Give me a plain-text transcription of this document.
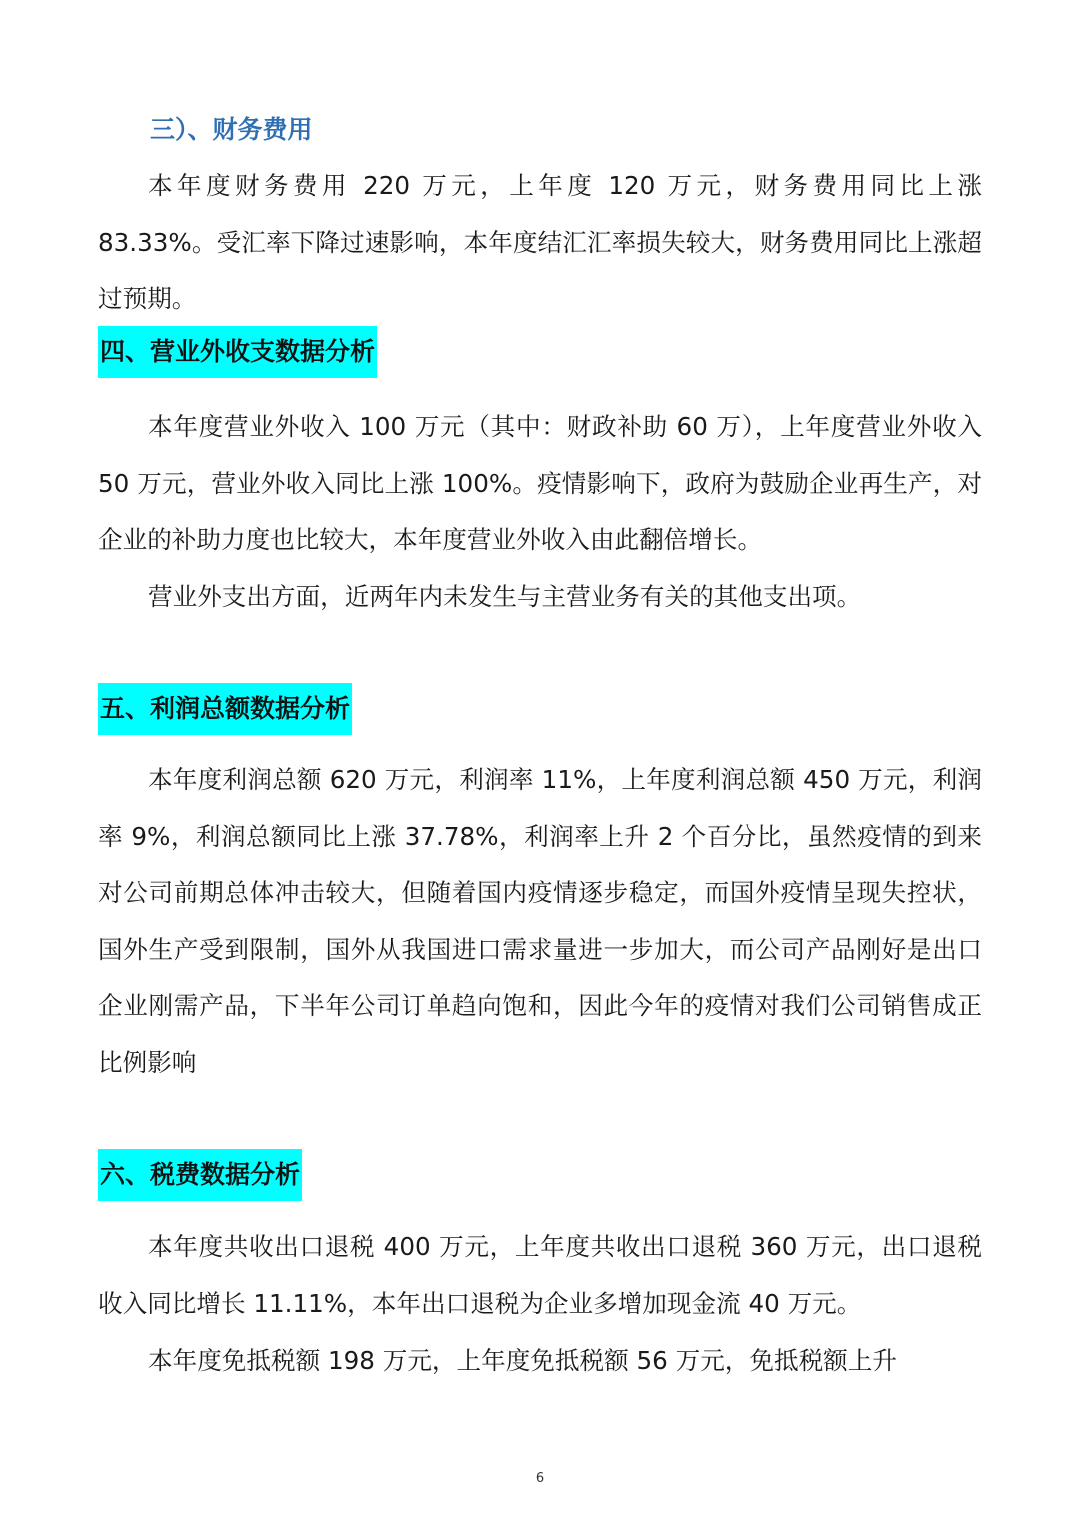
三）、财务费用

本年度财务费用 220 万元，上年度 120 万元，财务费用同比上涨 83.33%。受汇率下降过速影响，本年度结汇汇率损失较大，财务费用同比上涨超过预期。

四、营业外收支数据分析

本年度营业外收入 100 万元（其中：财政补助 60 万），上年度营业外收入 50 万元，营业外收入同比上涨 100%。疫情影响下，政府为鼓励企业再生产，对企业的补助力度也比较大，本年度营业外收入由此翻倍增长。

营业外支出方面，近两年内未发生与主营业务有关的其他支出项。

五、利润总额数据分析

本年度利润总额 620 万元，利润率 11%，上年度利润总额 450 万元，利润率 9%，利润总额同比上涨 37.78%，利润率上升 2 个百分比，虽然疫情的到来对公司前期总体冲击较大，但随着国内疫情逐步稳定，而国外疫情呈现失控状，国外生产受到限制，国外从我国进口需求量进一步加大，而公司产品刚好是出口企业刚需产品，下半年公司订单趋向饱和，因此今年的疫情对我们公司销售成正比例影响

六、税费数据分析

本年度共收出口退税 400 万元，上年度共收出口退税 360 万元，出口退税收入同比增长 11.11%，本年出口退税为企业多增加现金流 40 万元。

本年度免抵税额 198 万元，上年度免抵税额 56 万元，免抵税额上升

6
